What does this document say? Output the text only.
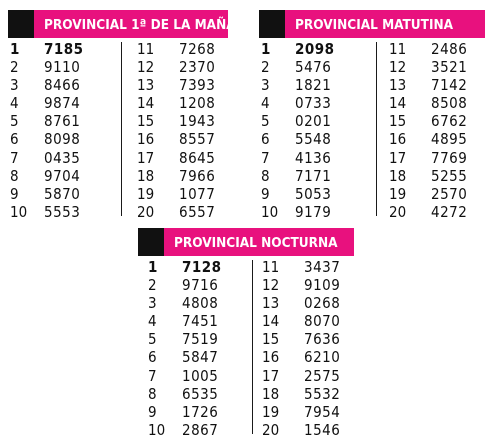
PROVINCIAL 1ª DE LA MAÑANA
1	7185
2	9110
3	8466
4	9874
5	8761
6	8098
7	0435
8	9704
9	5870
10	5553
11	7268
12	2370
13	7393
14	1208
15	1943
16	8557
17	8645
18	7966
19	1077
20	6557
PROVINCIAL MATUTINA
1	2098
2	5476
3	1821
4	0733
5	0201
6	5548
7	4136
8	7171
9	5053
10	9179
11	2486
12	3521
13	7142
14	8508
15	6762
16	4895
17	7769
18	5255
19	2570
20	4272
PROVINCIAL NOCTURNA
1	7128
2	9716
3	4808
4	7451
5	7519
6	5847
7	1005
8	6535
9	1726
10	2867
11	3437
12	9109
13	0268
14	8070
15	7636
16	6210
17	2575
18	5532
19	7954
20	1546
